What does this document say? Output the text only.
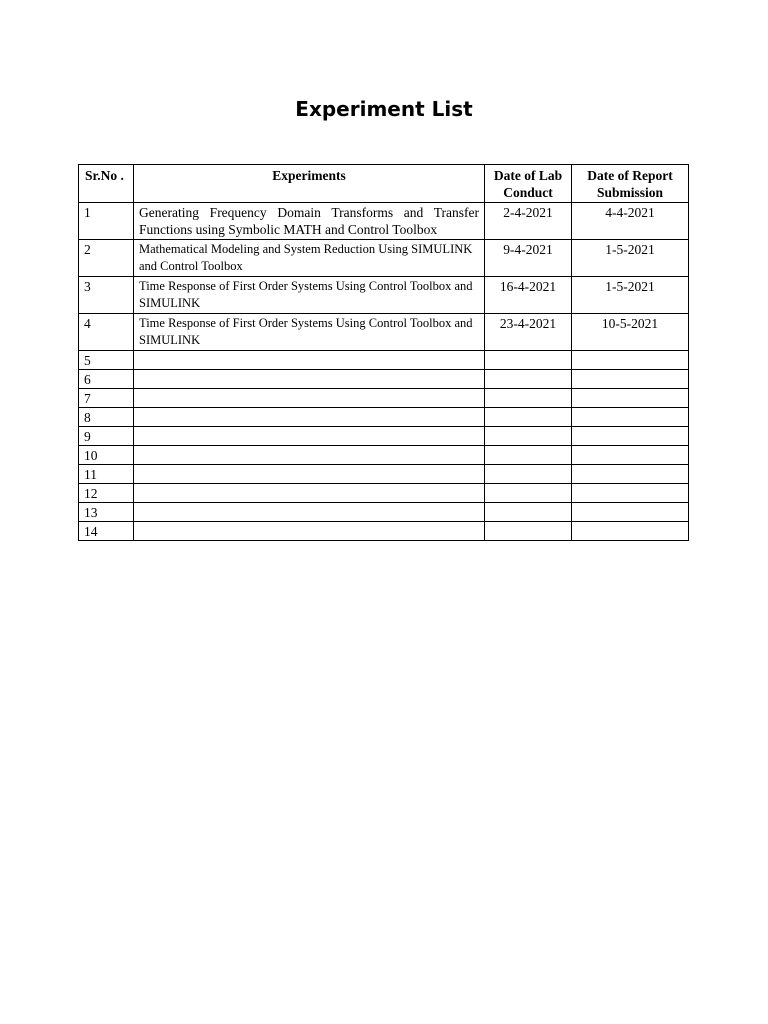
Experiment List
Sr.No .	Experiments	Date of Lab Conduct	Date of Report Submission
1	Generating Frequency Domain Transforms and Transfer Functions using Symbolic MATH and Control Toolbox	2-4-2021	4-4-2021
2	Mathematical Modeling and System Reduction Using SIMULINK and Control Toolbox	9-4-2021	1-5-2021
3	Time Response of First Order Systems Using Control Toolbox and SIMULINK	16-4-2021	1-5-2021
4	Time Response of First Order Systems Using Control Toolbox and SIMULINK	23-4-2021	10-5-2021
5			
6			
7			
8			
9			
10			
11			
12			
13			
14			
